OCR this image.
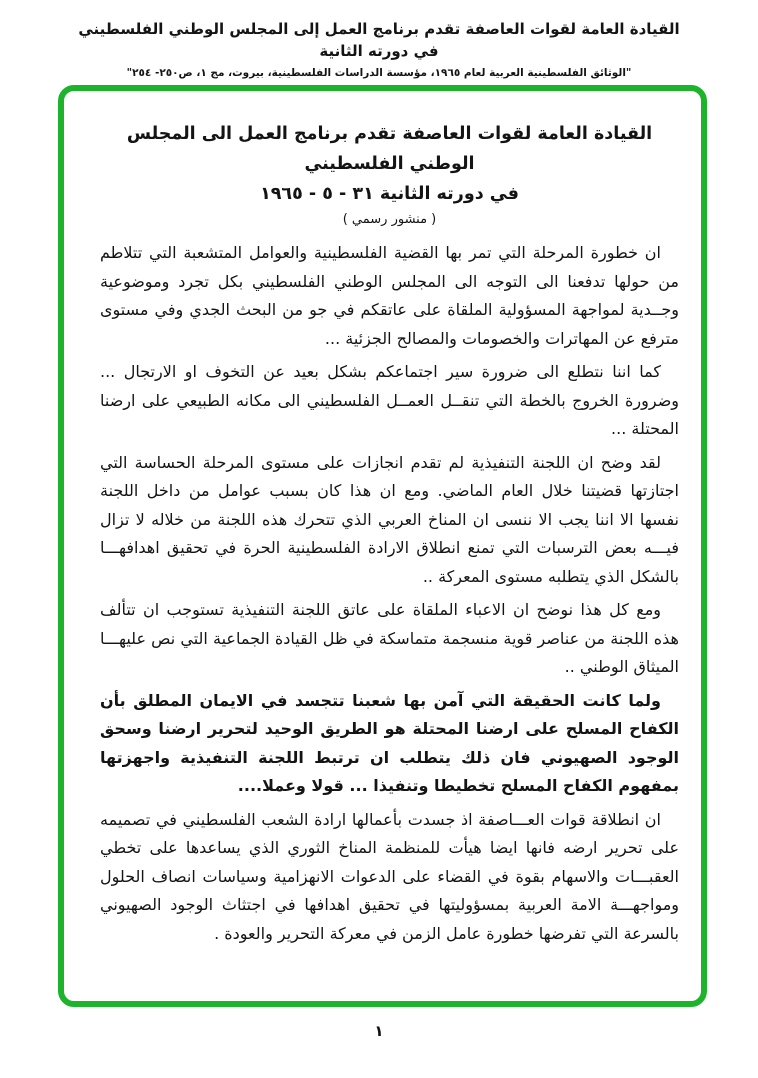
القيادة العامة لقوات العاصفة تقدم برنامج العمل إلى المجلس الوطني الفلسطيني في دورته الثانية
"الوثائق الفلسطينية العربية لعام ١٩٦٥، مؤسسة الدراسات الفلسطينية، بيروت، مج ١، ص٢٥٠- ٢٥٤"
القيادة العامة لقوات العاصفة تقدم برنامج العمل الى المجلس الوطني الفلسطيني
في دورته الثانية ٣١ - ٥ - ١٩٦٥
( منشور رسمي )

ان خطورة المرحلة التي تمر بها القضية الفلسطينية والعوامل المتشعبة التي تتلاطم من حولها تدفعنا الى التوجه الى المجلس الوطني الفلسطيني بكل تجرد وموضوعية وجــدية لمواجهة المسؤولية الملقاة على عاتقكم في جو من البحث الجدي وفي مستوى مترفع عن المهاترات والخصومات والمصالح الجزئية ...

كما اننا نتطلع الى ضرورة سير اجتماعكم بشكل بعيد عن التخوف او الارتجال ... وضرورة الخروج بالخطة التي تنقــل العمــل الفلسطيني الى مكانه الطبيعي على ارضنا المحتلة ...

لقد وضح ان اللجنة التنفيذية لم تقدم انجازات على مستوى المرحلة الحساسة التي اجتازتها قضيتنا خلال العام الماضي. ومع ان هذا كان بسبب عوامل من داخل اللجنة نفسها الا اننا يجب الا ننسى ان المناخ العربي الذي تتحرك هذه اللجنة من خلاله لا تزال فيـــه بعض الترسبات التي تمنع انطلاق الارادة الفلسطينية الحرة في تحقيق اهدافهـــا بالشكل الذي يتطلبه مستوى المعركة ..

ومع كل هذا نوضح ان الاعباء الملقاة على عاتق اللجنة التنفيذية تستوجب ان تتألف هذه اللجنة من عناصر قوية منسجمة متماسكة في ظل القيادة الجماعية التي نص عليهـــا الميثاق الوطني ..

ولما كانت الحقيقة التي آمن بها شعبنا تتجسد في الايمان المطلق بأن الكفاح المسلح على ارضنا المحتلة هو الطريق الوحيد لتحرير ارضنا وسحق الوجود الصهيوني فان ذلك يتطلب ان ترتبط اللجنة التنفيذية واجهزتها بمفهوم الكفاح المسلح تخطيطا وتنفيذا ... قولا وعملا....

ان انطلاقة قوات العـــاصفة اذ جسدت بأعمالها ارادة الشعب الفلسطيني في تصميمه على تحرير ارضه فانها ايضا هيأت للمنظمة المناخ الثوري الذي يساعدها على تخطي العقبـــات والاسهام بقوة في القضاء على الدعوات الانهزامية وسياسات انصاف الحلول ومواجهـــة الامة العربية بمسؤوليتها في تحقيق اهدافها في اجتثاث الوجود الصهيوني بالسرعة التي تفرضها خطورة عامل الزمن في معركة التحرير والعودة .

١
